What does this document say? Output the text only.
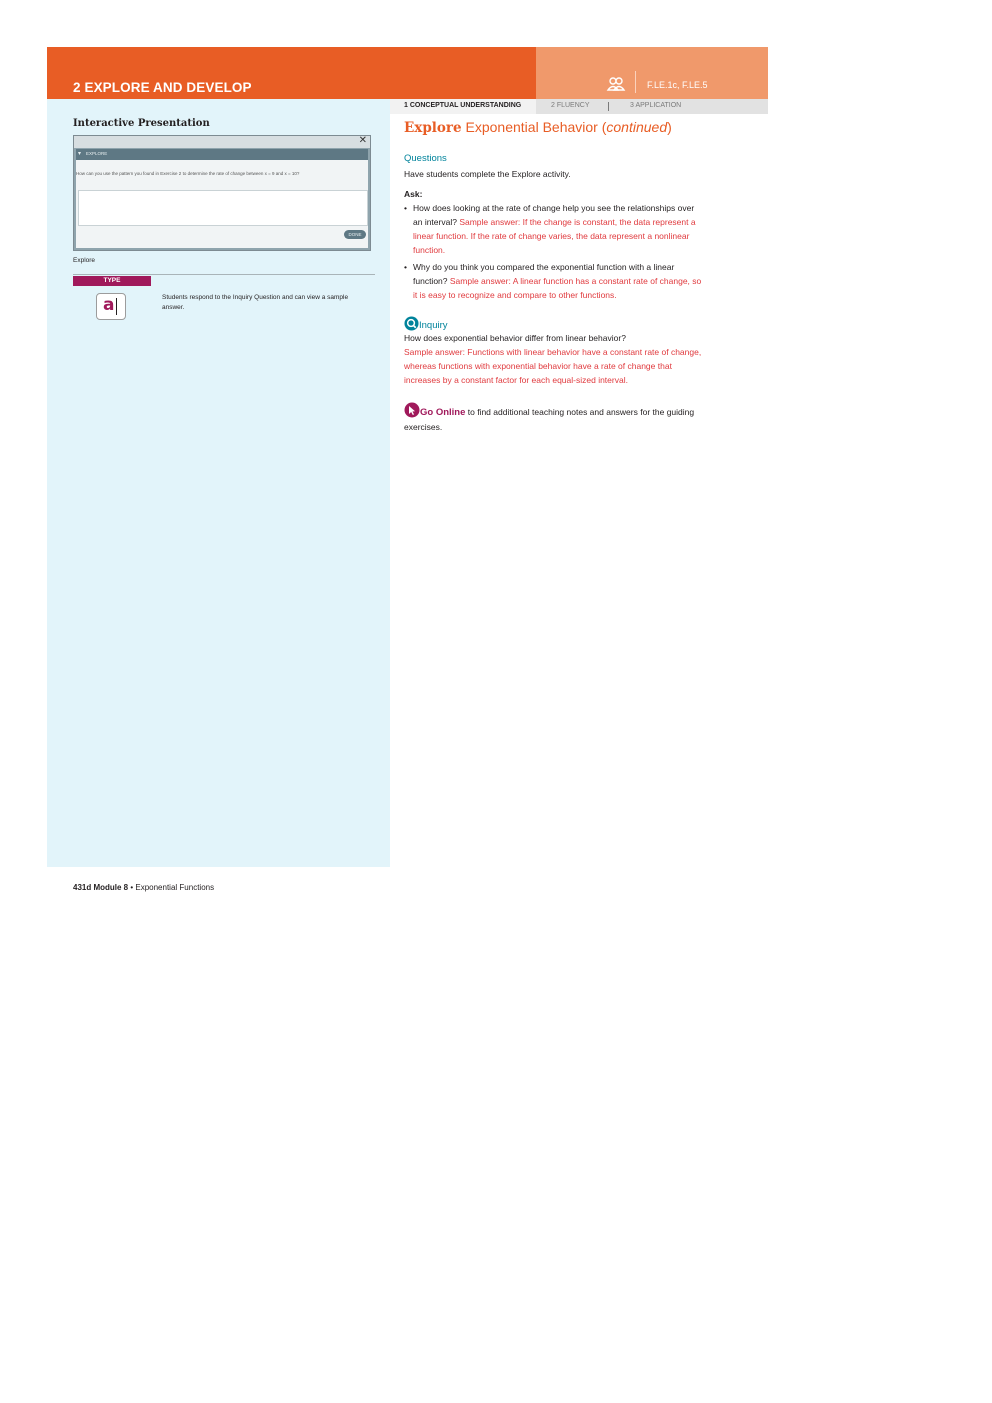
2 EXPLORE AND DEVELOP	F.LE.1c, F.LE.5
1 CONCEPTUAL UNDERSTANDING	2 FLUENCY	3 APPLICATION
Interactive Presentation
✕
▾ EXPLORE
How can you use the pattern you found in Exercise 2 to determine the rate of change between x = 9 and x = 10?
DONE
Explore
TYPE
a	Students respond to the Inquiry Question and can view a sample answer.
Explore Exponential Behavior (continued)
Questions
Have students complete the Explore activity.
Ask:
• How does looking at the rate of change help you see the relationships over an interval? Sample answer: If the change is constant, the data represent a linear function. If the rate of change varies, the data represent a nonlinear function.
• Why do you think you compared the exponential function with a linear function? Sample answer: A linear function has a constant rate of change, so it is easy to recognize and compare to other functions.
Inquiry
How does exponential behavior differ from linear behavior?
Sample answer: Functions with linear behavior have a constant rate of change, whereas functions with exponential behavior have a rate of change that increases by a constant factor for each equal-sized interval.
Go Online to find additional teaching notes and answers for the guiding exercises.
431d Module 8 • Exponential Functions
